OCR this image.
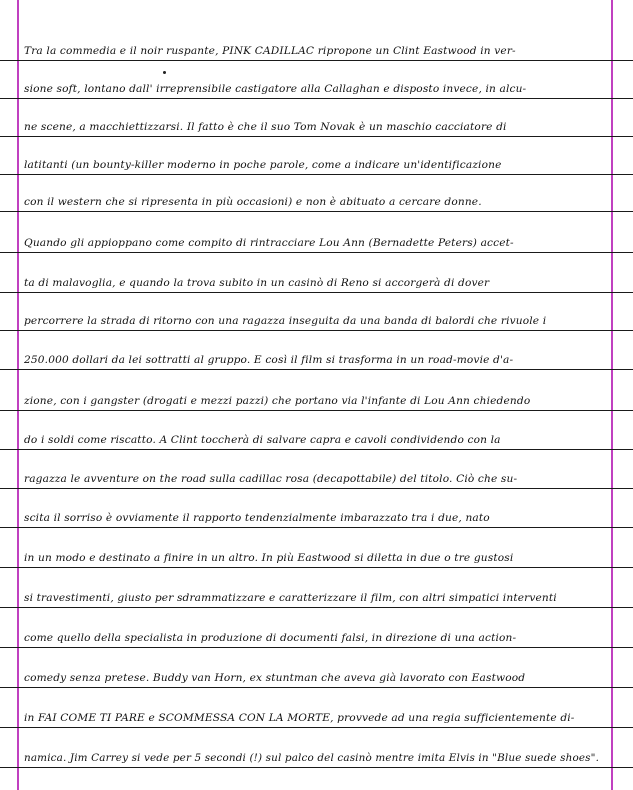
Tra la commedia e il noir ruspante, PINK CADILLAC ripropone un Clint Eastwood in ver-
sione soft, lontano dall' irreprensibile castigatore alla Callaghan e disposto invece, in alcu-
ne scene, a macchiettizzarsi. Il fatto è che il suo Tom Novak è un maschio cacciatore di
latitanti (un bounty-killer moderno in poche parole, come a indicare un'identificazione
con il western che si ripresenta in più occasioni) e non è abituato a cercare donne.
Quando gli appioppano come compito di rintracciare Lou Ann (Bernadette Peters) accet-
ta di malavoglia, e quando la trova subito in un casinò di Reno si accorgerà di dover
percorrere la strada di ritorno con una ragazza inseguita da una banda di balordi che rivuole i
250.000 dollari da lei sottratti al gruppo. E così il film si trasforma in un road-movie d'a-
zione, con i gangster (drogati e mezzi pazzi) che portano via l'infante di Lou Ann chiedendo
do i soldi come riscatto. A Clint toccherà di salvare capra e cavoli condividendo con la
ragazza le avventure on the road sulla cadillac rosa (decapottabile) del titolo. Ciò che su-
scita il sorriso è ovviamente il rapporto tendenzialmente imbarazzato tra i due, nato
in un modo e destinato a finire in un altro. In più Eastwood si diletta in due o tre gustosi
si travestimenti, giusto per sdrammatizzare e caratterizzare il film, con altri simpatici interventi
come quello della specialista in produzione di documenti falsi, in direzione di una action-
comedy senza pretese. Buddy van Horn, ex stuntman che aveva già lavorato con Eastwood
in FAI COME TI PARE e SCOMMESSA CON LA MORTE, provvede ad una regia sufficientemente di-
namica. Jim Carrey si vede per 5 secondi (!) sul palco del casinò mentre imita Elvis in "Blue suede shoes".
